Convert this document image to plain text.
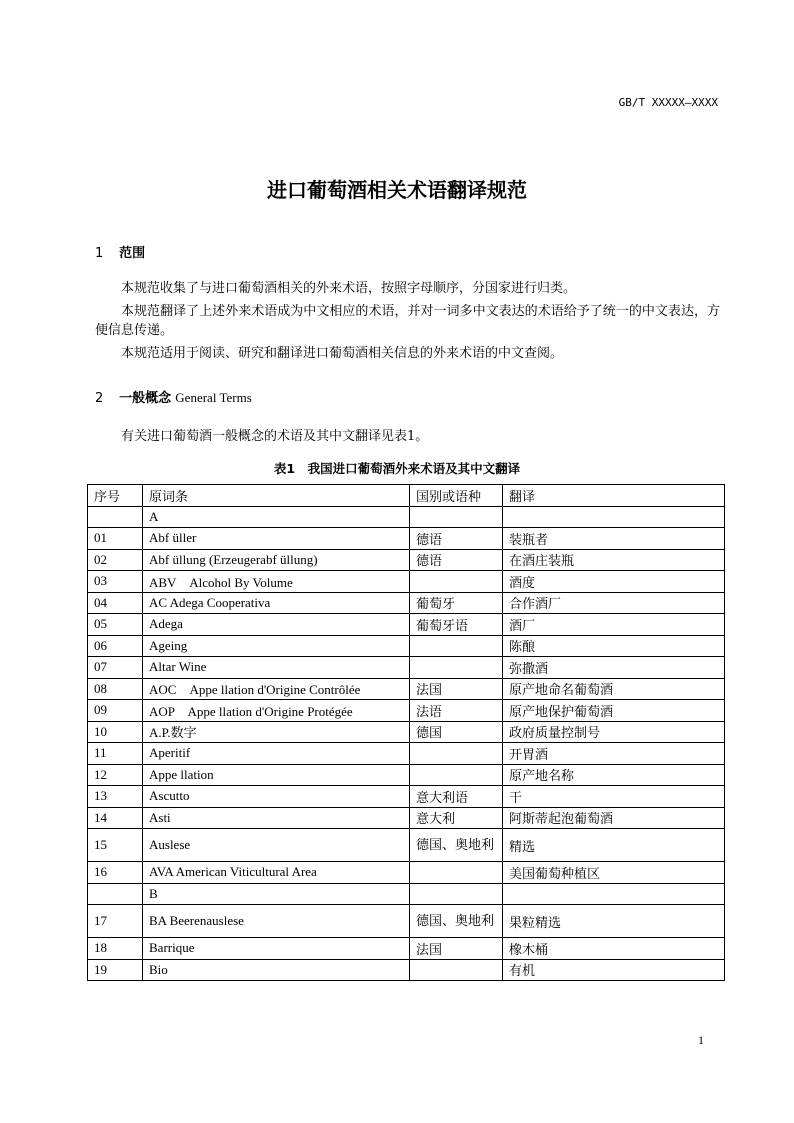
GB/T XXXXX—XXXX
进口葡萄酒相关术语翻译规范
1 范围
本规范收集了与进口葡萄酒相关的外来术语，按照字母顺序，分国家进行归类。
本规范翻译了上述外来术语成为中文相应的术语，并对一词多中文表达的术语给予了统一的中文表达，方便信息传递。
本规范适用于阅读、研究和翻译进口葡萄酒相关信息的外来术语的中文查阅。
2 一般概念 General Terms
有关进口葡萄酒一般概念的术语及其中文翻译见表1。
表1　我国进口葡萄酒外来术语及其中文翻译
序号	原词条	国别或语种	翻译
	A		
01	Abf üller	德语	装瓶者
02	Abf üllung (Erzeugerabf üllung)	德语	在酒庄装瓶
03	ABV　Alcohol By Volume		酒度
04	AC Adega Cooperativa	葡萄牙	合作酒厂
05	Adega	葡萄牙语	酒厂
06	Ageing		陈酿
07	Altar Wine		弥撒酒
08	AOC　Appe llation d'Origine Contrôlée	法国	原产地命名葡萄酒
09	AOP　Appe llation d'Origine Protégée	法语	原产地保护葡萄酒
10	A.P.数字	德国	政府质量控制号
11	Aperitif		开胃酒
12	Appe llation		原产地名称
13	Ascutto	意大利语	干
14	Asti	意大利	阿斯蒂起泡葡萄酒
15	Auslese	德国、奥地利	精选
16	AVA American Viticultural Area		美国葡萄种植区
	B		
17	BA Beerenauslese	德国、奥地利	果粒精选
18	Barrique	法国	橡木桶
19	Bio		有机
1
